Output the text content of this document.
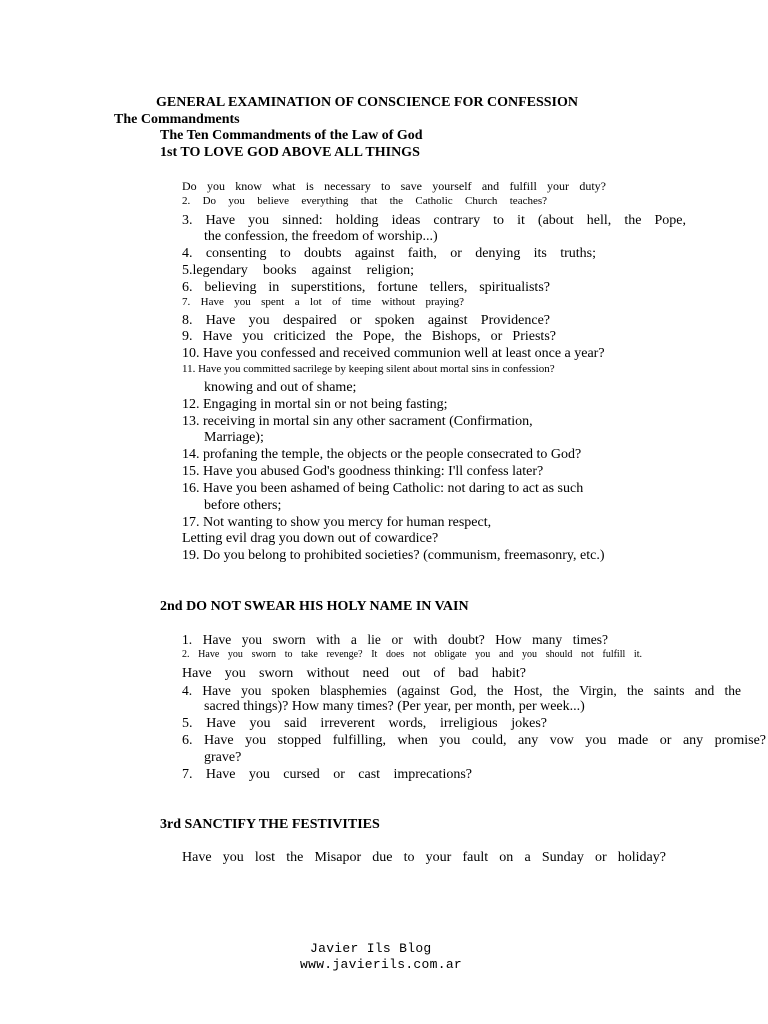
GENERAL EXAMINATION OF CONSCIENCE FOR CONFESSION
The Commandments
The Ten Commandments of the Law of God
1st TO LOVE GOD ABOVE ALL THINGS
Do you know what is necessary to save yourself and fulfill your duty?
2. Do you believe everything that the Catholic Church teaches?
3. Have you sinned: holding ideas contrary to it (about hell, the Pope,
the confession, the freedom of worship...)
4. consenting to doubts against faith, or denying its truths;
5.legendary books against religion;
6. believing in superstitions, fortune tellers, spiritualists?
7. Have you spent a lot of time without praying?
8. Have you despaired or spoken against Providence?
9. Have you criticized the Pope, the Bishops, or Priests?
10. Have you confessed and received communion well at least once a year?
11. Have you committed sacrilege by keeping silent about mortal sins in confession?
knowing and out of shame;
12. Engaging in mortal sin or not being fasting;
13. receiving in mortal sin any other sacrament (Confirmation,
Marriage);
14. profaning the temple, the objects or the people consecrated to God?
15. Have you abused God's goodness thinking: I'll confess later?
16. Have you been ashamed of being Catholic: not daring to act as such
before others;
17. Not wanting to show you mercy for human respect,
Letting evil drag you down out of cowardice?
19. Do you belong to prohibited societies? (communism, freemasonry, etc.)
2nd DO NOT SWEAR HIS HOLY NAME IN VAIN
1. Have you sworn with a lie or with doubt? How many times?
2. Have you sworn to take revenge? It does not obligate you and you should not fulfill it.
Have you sworn without need out of bad habit?
4. Have you spoken blasphemies (against God, the Host, the Virgin, the saints and the
sacred things)? How many times? (Per year, per month, per week...)
5. Have you said irreverent words, irreligious jokes?
6. Have you stopped fulfilling, when you could, any vow you made or any promise?
grave?
7. Have you cursed or cast imprecations?
3rd SANCTIFY THE FESTIVITIES
Have you lost the Misapor due to your fault on a Sunday or holiday?
Javier Ils Blog
www.javierils.com.ar
